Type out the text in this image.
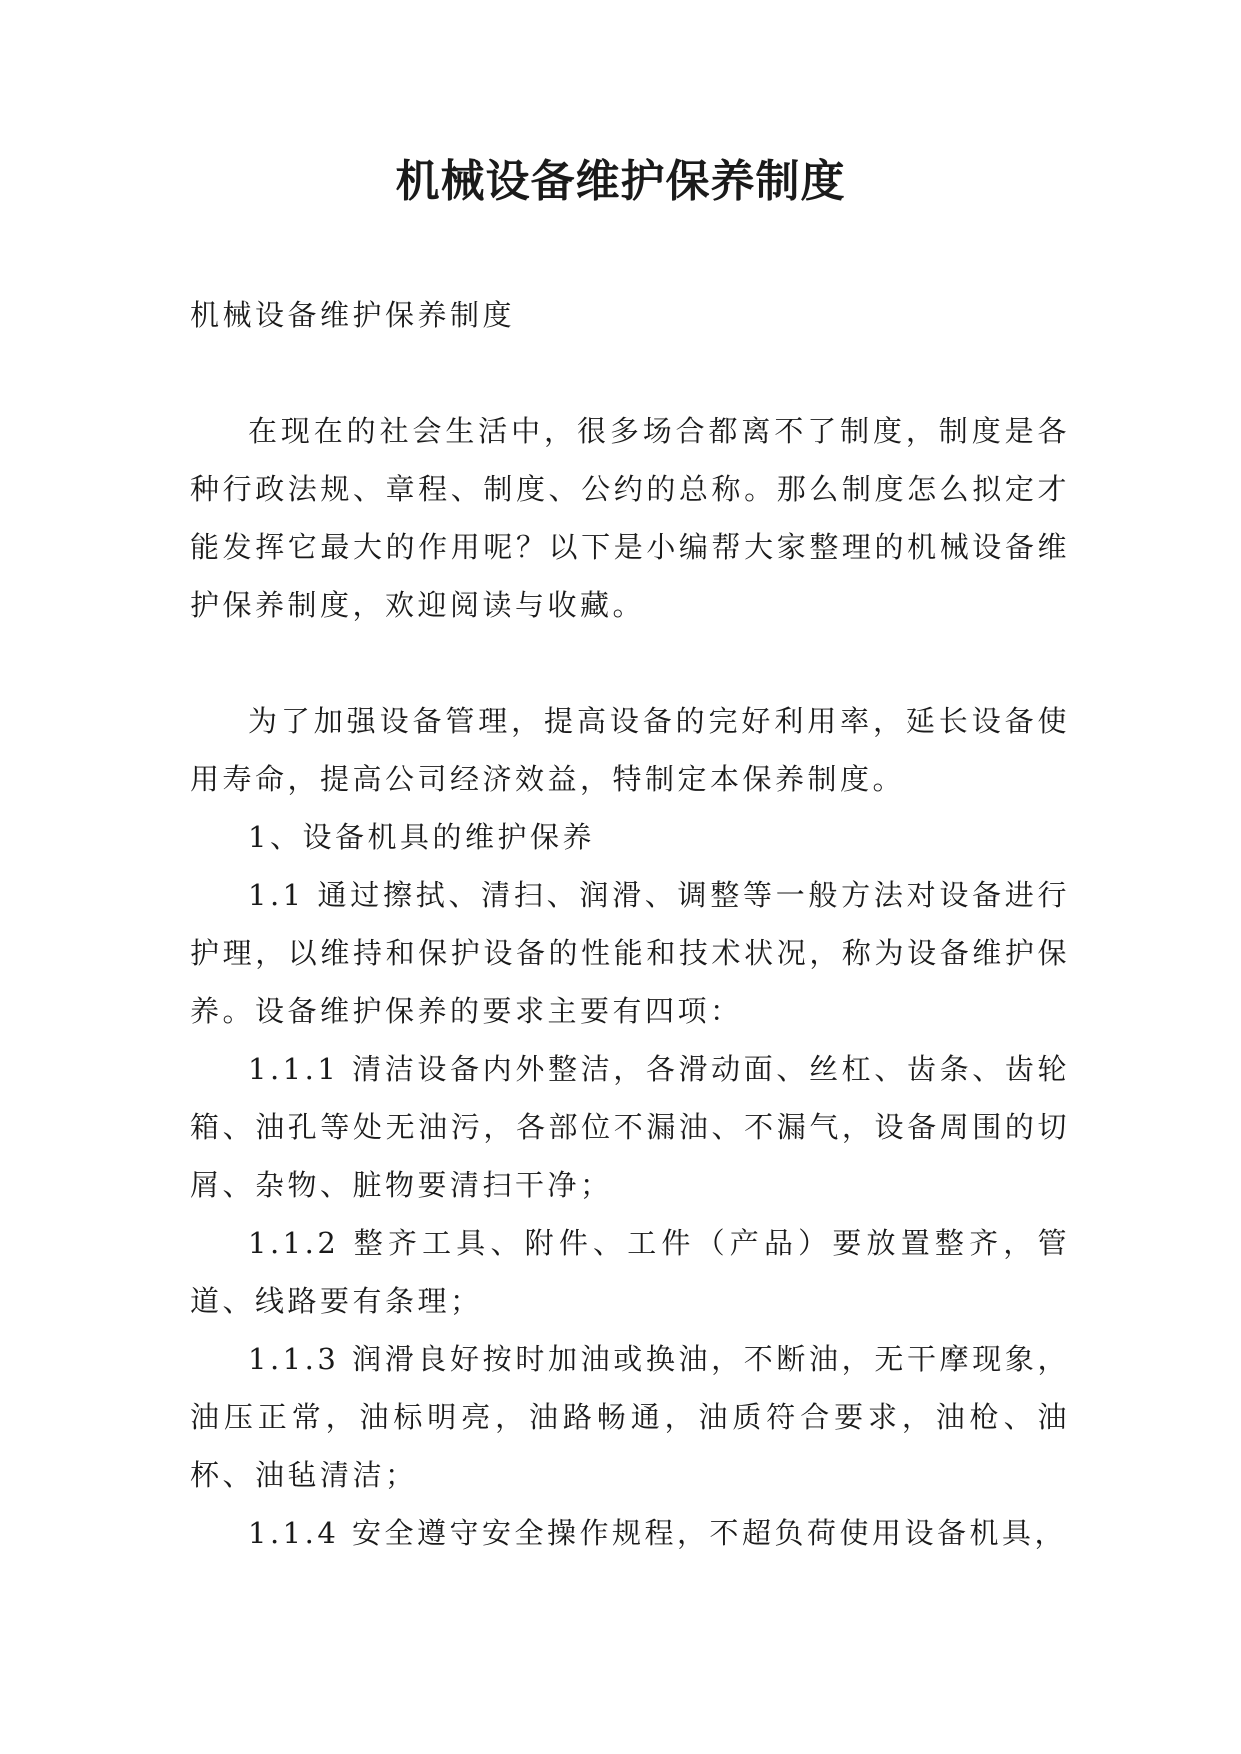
机械设备维护保养制度

机械设备维护保养制度

在现在的社会生活中，很多场合都离不了制度，制度是各种行政法规、章程、制度、公约的总称。那么制度怎么拟定才能发挥它最大的作用呢？以下是小编帮大家整理的机械设备维护保养制度，欢迎阅读与收藏。

为了加强设备管理，提高设备的完好利用率，延长设备使用寿命，提高公司经济效益，特制定本保养制度。

1、设备机具的维护保养

1.1 通过擦拭、清扫、润滑、调整等一般方法对设备进行护理，以维持和保护设备的性能和技术状况，称为设备维护保养。设备维护保养的要求主要有四项：

1.1.1 清洁设备内外整洁，各滑动面、丝杠、齿条、齿轮箱、油孔等处无油污，各部位不漏油、不漏气，设备周围的切屑、杂物、脏物要清扫干净；

1.1.2 整齐工具、附件、工件（产品）要放置整齐，管道、线路要有条理；

1.1.3 润滑良好按时加油或换油，不断油，无干摩现象，油压正常，油标明亮，油路畅通，油质符合要求，油枪、油杯、油毡清洁；

1.1.4 安全遵守安全操作规程，不超负荷使用设备机具，
